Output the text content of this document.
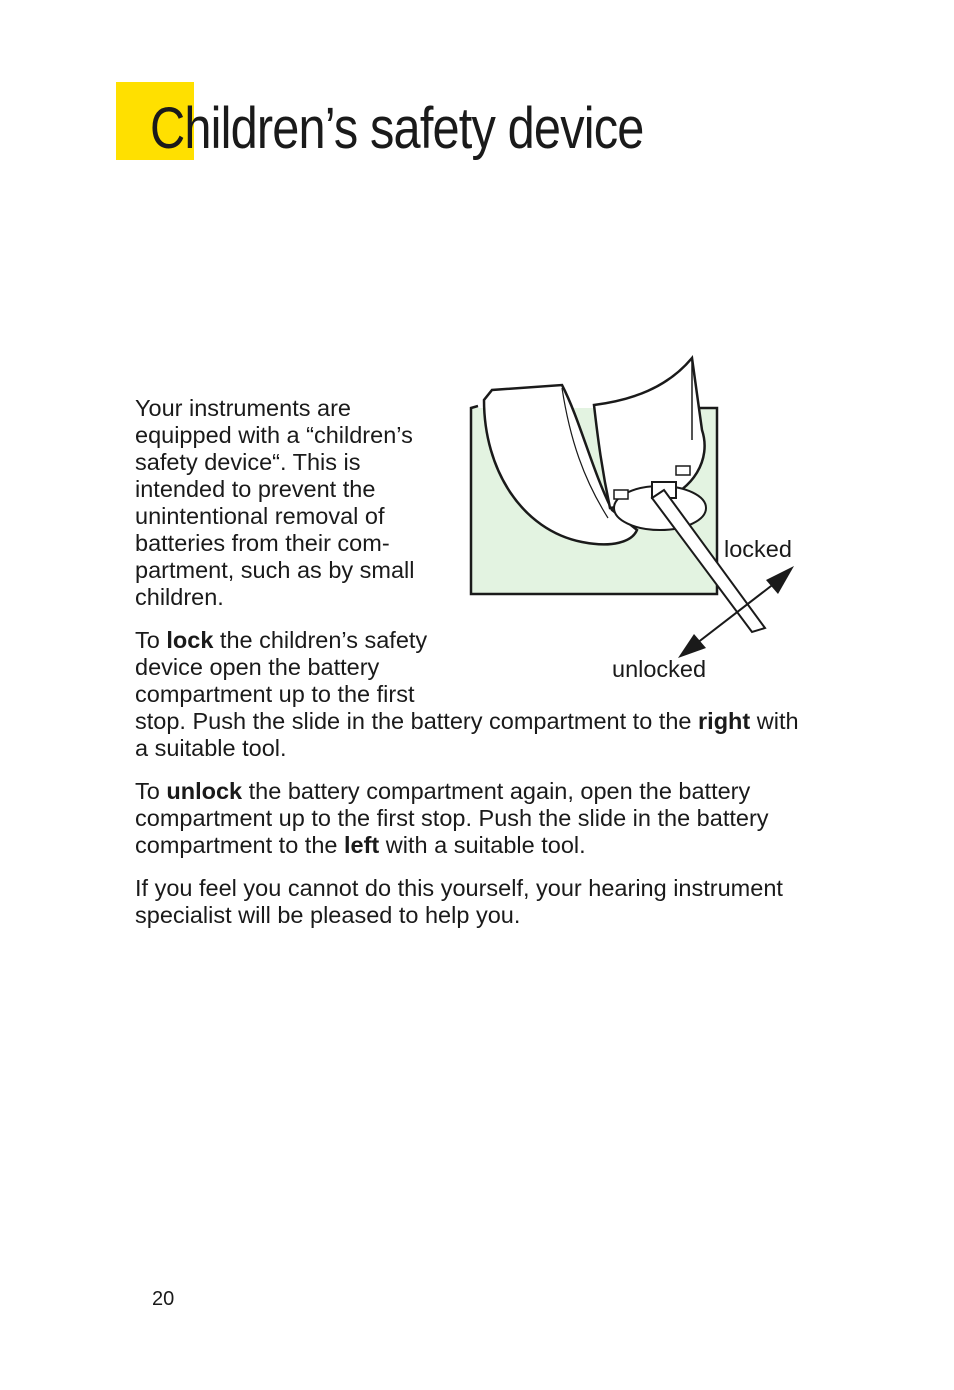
Children’s safety device

Your instruments are equipped with a “children’s safety device“. This is intended to prevent the unintentional removal of batteries from their com-partment, such as by small children.

To lock the children’s safety device open the battery compartment up to the first stop. Push the slide in the battery compartment to the right with a suitable tool.

To unlock the battery compartment again, open the battery compartment up to the first stop. Push the slide in the battery compartment to the left with a suitable tool.

If you feel you cannot do this yourself, your hearing instrument specialist will be pleased to help you.

locked
unlocked
20
